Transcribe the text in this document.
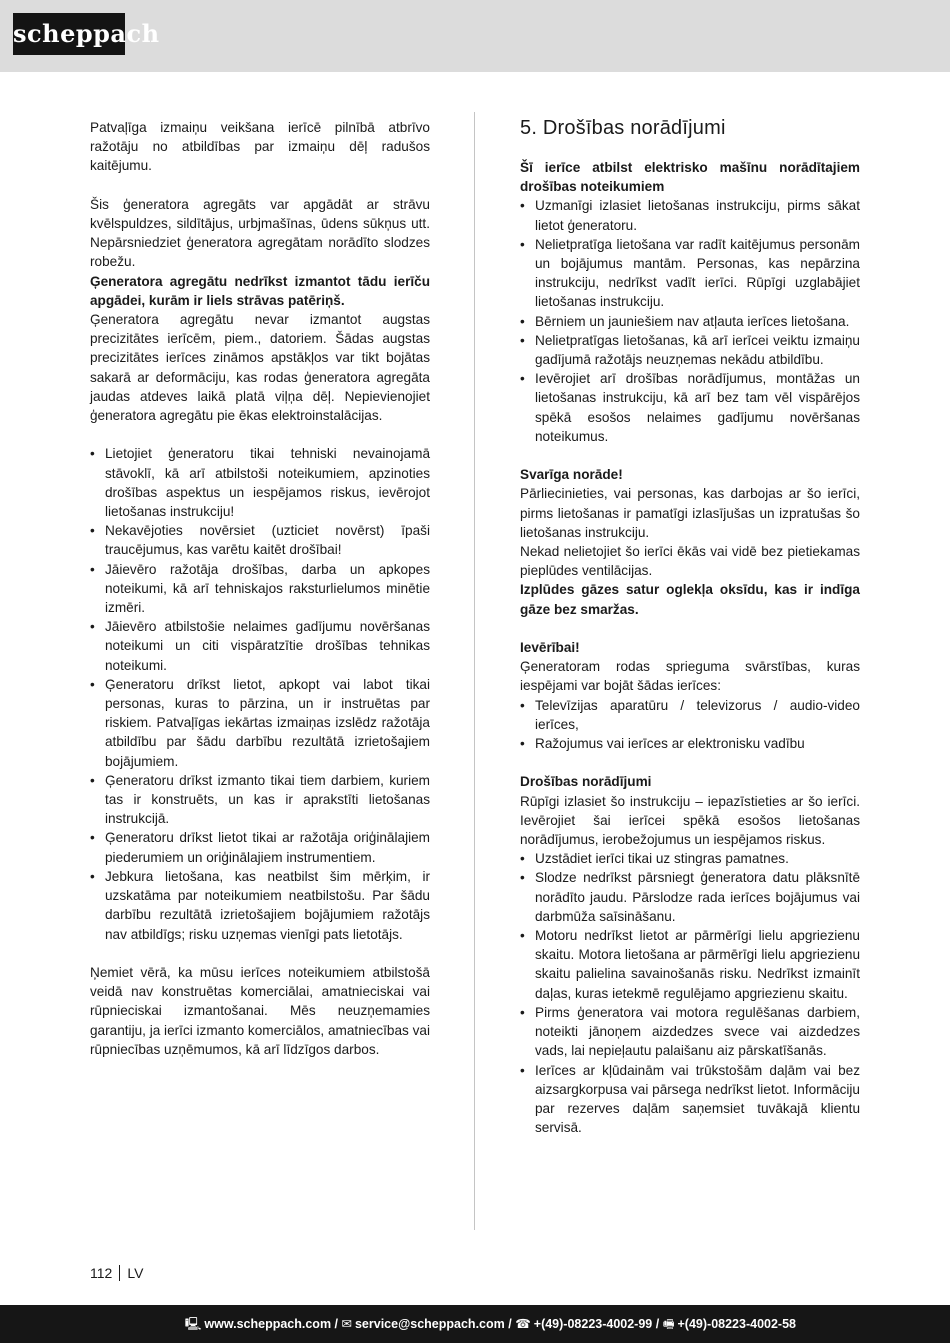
scheppach

Patvaļīga izmaiņu veikšana ierīcē pilnībā atbrīvo ražotāju no atbildības par izmaiņu dēļ radušos kaitējumu.

Šis ģeneratora agregāts var apgādāt ar strāvu kvēlspuldzes, sildītājus, urbjmašīnas, ūdens sūkņus utt. Nepārsniedziet ģeneratora agregātam norādīto slodzes robežu.

Ģeneratora agregātu nedrīkst izmantot tādu ierīču apgādei, kurām ir liels strāvas patēriņš.

Ģeneratora agregātu nevar izmantot augstas precizitātes ierīcēm, piem., datoriem. Šādas augstas precizitātes ierīces zināmos apstākļos var tikt bojātas sakarā ar deformāciju, kas rodas ģeneratora agregāta jaudas atdeves laikā platā viļņa dēļ. Nepievienojiet ģeneratora agregātu pie ēkas elektroinstalācijas.

• Lietojiet ģeneratoru tikai tehniski nevainojamā stāvoklī, kā arī atbilstoši noteikumiem, apzinoties drošības aspektus un iespējamos riskus, ievērojot lietošanas instrukciju!
• Nekavējoties novērsiet (uzticiet novērst) īpaši traucējumus, kas varētu kaitēt drošībai!
• Jāievēro ražotāja drošības, darba un apkopes noteikumi, kā arī tehniskajos raksturlielumos minētie izmēri.
• Jāievēro atbilstošie nelaimes gadījumu novēršanas noteikumi un citi vispāratzītie drošības tehnikas noteikumi.
• Ģeneratoru drīkst lietot, apkopt vai labot tikai personas, kuras to pārzina, un ir instruētas par riskiem. Patvaļīgas iekārtas izmaiņas izslēdz ražotāja atbildību par šādu darbību rezultātā izrietošajiem bojājumiem.
• Ģeneratoru drīkst izmanto tikai tiem darbiem, kuriem tas ir konstruēts, un kas ir aprakstīti lietošanas instrukcijā.
• Ģeneratoru drīkst lietot tikai ar ražotāja oriģinālajiem piederumiem un oriģinālajiem instrumentiem.
• Jebkura lietošana, kas neatbilst šim mērķim, ir uzskatāma par noteikumiem neatbilstošu. Par šādu darbību rezultātā izrietošajiem bojājumiem ražotājs nav atbildīgs; risku uzņemas vienīgi pats lietotājs.

Ņemiet vērā, ka mūsu ierīces noteikumiem atbilstošā veidā nav konstruētas komerciālai, amatnieciskai vai rūpnieciskai izmantošanai. Mēs neuzņemamies garantiju, ja ierīci izmanto komerciālos, amatniecības vai rūpniecības uzņēmumos, kā arī līdzīgos darbos.

5. Drošības norādījumi

Šī ierīce atbilst elektrisko mašīnu norādītajiem drošības noteikumiem

• Uzmanīgi izlasiet lietošanas instrukciju, pirms sākat lietot ģeneratoru.
• Nelietpratīga lietošana var radīt kaitējumus personām un bojājumus mantām. Personas, kas nepārzina instrukciju, nedrīkst vadīt ierīci. Rūpīgi uzglabājiet lietošanas instrukciju.
• Bērniem un jauniešiem nav atļauta ierīces lietošana.
• Nelietpratīgas lietošanas, kā arī ierīcei veiktu izmaiņu gadījumā ražotājs neuzņemas nekādu atbildību.
• Ievērojiet arī drošības norādījumus, montāžas un lietošanas instrukciju, kā arī bez tam vēl vispārējos spēkā esošos nelaimes gadījumu novēršanas noteikumus.

Svarīga norāde!

Pārliecinieties, vai personas, kas darbojas ar šo ierīci, pirms lietošanas ir pamatīgi izlasījušas un izpratušas šo lietošanas instrukciju.

Nekad nelietojiet šo ierīci ēkās vai vidē bez pietiekamas pieplūdes ventilācijas.

Izplūdes gāzes satur oglekļa oksīdu, kas ir indīga gāze bez smaržas.

Ievērībai!

Ģeneratoram rodas sprieguma svārstības, kuras iespējami var bojāt šādas ierīces:

• Televīzijas aparatūru / televizorus / audio-video ierīces,
• Ražojumus vai ierīces ar elektronisku vadību

Drošības norādījumi

Rūpīgi izlasiet šo instrukciju – iepazīstieties ar šo ierīci. Ievērojiet šai ierīcei spēkā esošos lietošanas norādījumus, ierobežojumus un iespējamos riskus.

• Uzstādiet ierīci tikai uz stingras pamatnes.
• Slodze nedrīkst pārsniegt ģeneratora datu plāksnītē norādīto jaudu. Pārslodze rada ierīces bojājumus vai darbmūža saīsināšanu.
• Motoru nedrīkst lietot ar pārmērīgi lielu apgriezienu skaitu. Motora lietošana ar pārmērīgi lielu apgriezienu skaitu palielina savainošanās risku. Nedrīkst izmainīt daļas, kuras ietekmē regulējamo apgriezienu skaitu.
• Pirms ģeneratora vai motora regulēšanas darbiem, noteikti jānoņem aizdedzes svece vai aizdedzes vads, lai nepieļautu palaišanu aiz pārskatīšanās.
• Ierīces ar kļūdainām vai trūkstošām daļām vai bez aizsargkorpusa vai pārsega nedrīkst lietot. Informāciju par rezerves daļām saņemsiet tuvākajā klientu servisā.
112 LV
🖳 www.scheppach.com / ✉ service@scheppach.com / ☎ +(49)-08223-4002-99 / 🖷 +(49)-08223-4002-58
